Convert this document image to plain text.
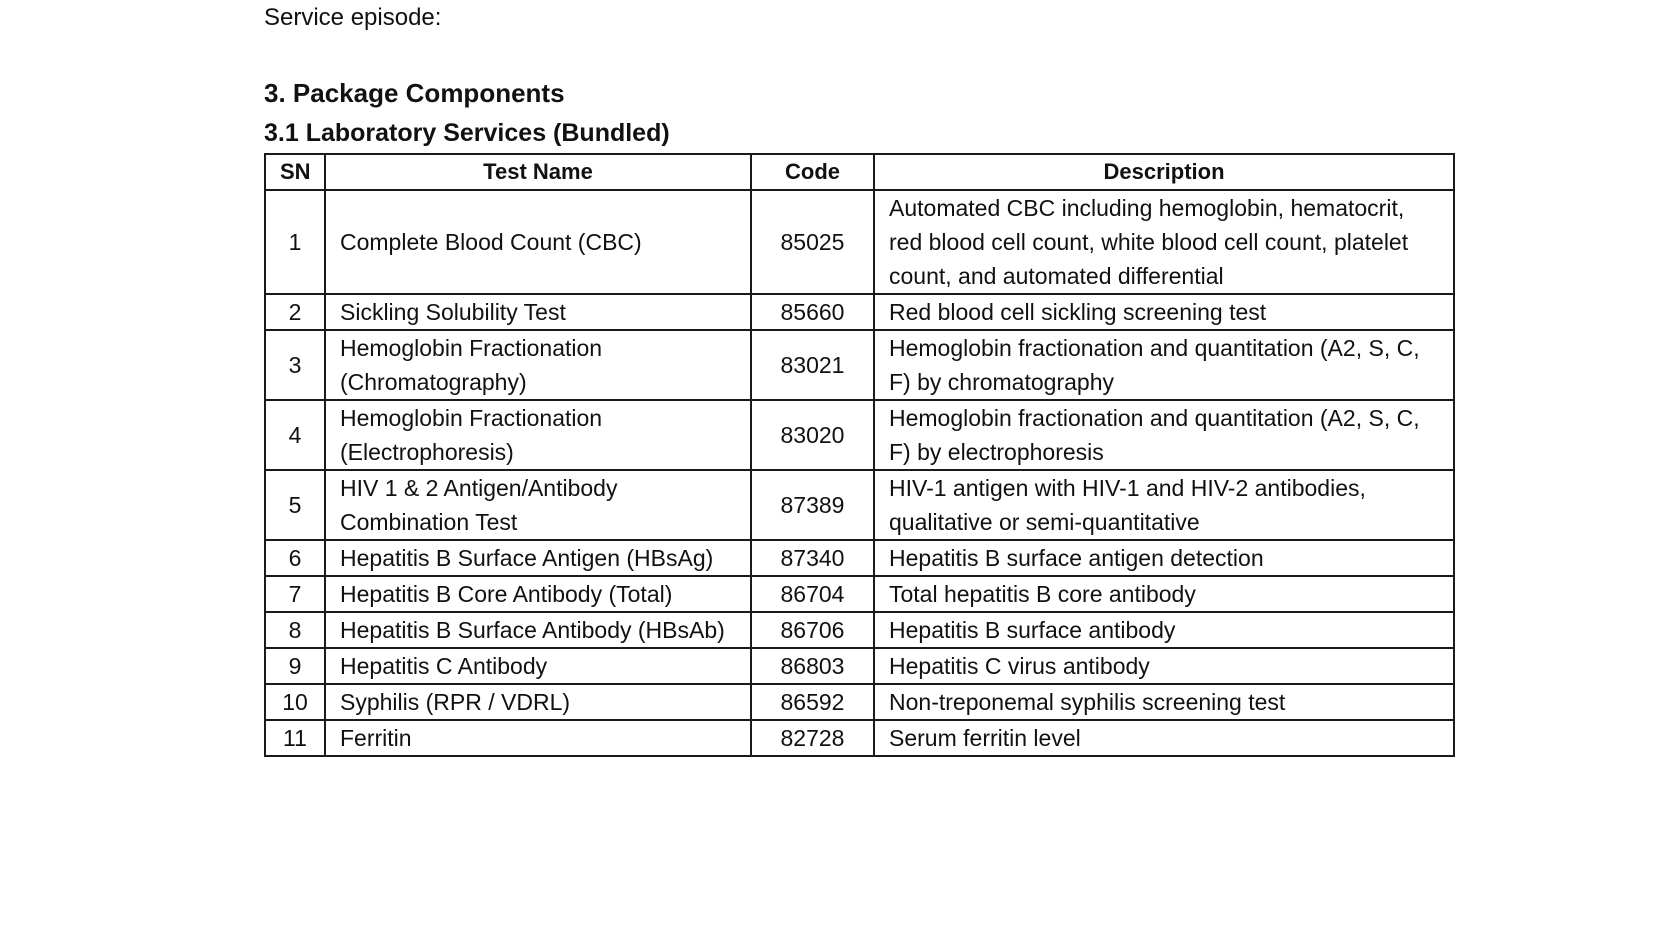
Service episode:
3. Package Components
3.1 Laboratory Services (Bundled)
SN	Test Name	Code	Description
1	Complete Blood Count (CBC)	85025	Automated CBC including hemoglobin, hematocrit, red blood cell count, white blood cell count, platelet count, and automated differential
2	Sickling Solubility Test	85660	Red blood cell sickling screening test
3	Hemoglobin Fractionation (Chromatography)	83021	Hemoglobin fractionation and quantitation (A2, S, C, F) by chromatography
4	Hemoglobin Fractionation (Electrophoresis)	83020	Hemoglobin fractionation and quantitation (A2, S, C, F) by electrophoresis
5	HIV 1 & 2 Antigen/Antibody Combination Test	87389	HIV-1 antigen with HIV-1 and HIV-2 antibodies, qualitative or semi-quantitative
6	Hepatitis B Surface Antigen (HBsAg)	87340	Hepatitis B surface antigen detection
7	Hepatitis B Core Antibody (Total)	86704	Total hepatitis B core antibody
8	Hepatitis B Surface Antibody (HBsAb)	86706	Hepatitis B surface antibody
9	Hepatitis C Antibody	86803	Hepatitis C virus antibody
10	Syphilis (RPR / VDRL)	86592	Non-treponemal syphilis screening test
11	Ferritin	82728	Serum ferritin level
